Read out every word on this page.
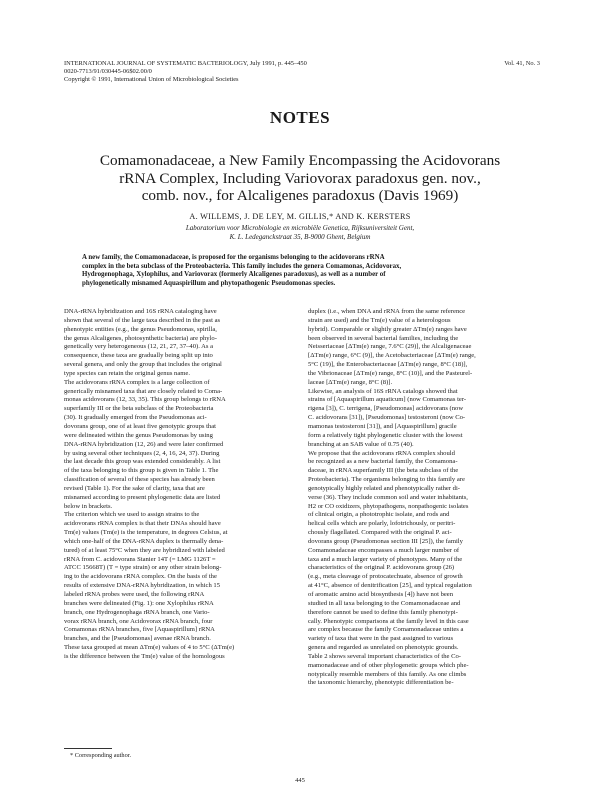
INTERNATIONAL JOURNAL OF SYSTEMATIC BACTERIOLOGY, July 1991, p. 445–450
0020-7713/91/030445-06$02.00/0
Copyright © 1991, International Union of Microbiological Societies
Vol. 41, No. 3
NOTES
Comamonadaceae, a New Family Encompassing the Acidovorans
rRNA Complex, Including Variovorax paradoxus gen. nov.,
comb. nov., for Alcaligenes paradoxus (Davis 1969)
A. WILLEMS, J. DE LEY, M. GILLIS,* AND K. KERSTERS
Laboratorium voor Microbiologie en microbiële Genetica, Rijksuniversiteit Gent,
K. L. Ledeganckstraat 35, B-9000 Ghent, Belgium
A new family, the Comamonadaceae, is proposed for the organisms belonging to the acidovorans rRNA
complex in the beta subclass of the Proteobacteria. This family includes the genera Comamonas, Acidovorax,
Hydrogenophaga, Xylophilus, and Variovorax (formerly Alcaligenes paradoxus), as well as a number of
phylogenetically misnamed Aquaspirillum and phytopathogenic Pseudomonas species.
DNA-rRNA hybridization and 16S rRNA cataloging have
shown that several of the large taxa described in the past as
phenotypic entities (e.g., the genus Pseudomonas, spirilla,
the genus Alcaligenes, photosynthetic bacteria) are phylo-
genetically very heterogeneous (12, 21, 27, 37–40). As a
consequence, these taxa are gradually being split up into
several genera, and only the group that includes the original
type species can retain the original genus name.
The acidovorans rRNA complex is a large collection of
generically misnamed taxa that are closely related to Coma-
monas acidovorans (12, 33, 35). This group belongs to rRNA
superfamily III or the beta subclass of the Proteobacteria
(30). It gradually emerged from the Pseudomonas aci-
dovorans group, one of at least five genotypic groups that
were delineated within the genus Pseudomonas by using
DNA-rRNA hybridization (12, 26) and were later confirmed
by using several other techniques (2, 4, 16, 24, 37). During
the last decade this group was extended considerably. A list
of the taxa belonging to this group is given in Table 1. The
classification of several of these species has already been
revised (Table 1). For the sake of clarity, taxa that are
misnamed according to present phylogenetic data are listed
below in brackets.
The criterion which we used to assign strains to the
acidovorans rRNA complex is that their DNAs should have
Tm(e) values (Tm(e) is the temperature, in degrees Celsius, at
which one-half of the DNA-rRNA duplex is thermally dena-
tured) of at least 75°C when they are hybridized with labeled
rRNA from C. acidovorans Stanier 14T (= LMG 1126T =
ATCC 15668T) (T = type strain) or any other strain belong-
ing to the acidovorans rRNA complex. On the basis of the
results of extensive DNA-rRNA hybridization, in which 15
labeled rRNA probes were used, the following rRNA
branches were delineated (Fig. 1): one Xylophilus rRNA
branch, one Hydrogenophaga rRNA branch, one Vario-
vorax rRNA branch, one Acidovorax rRNA branch, four
Comamonas rRNA branches, five [Aquaspirillum] rRNA
branches, and the [Pseudomonas] avenae rRNA branch.
These taxa grouped at mean ΔTm(e) values of 4 to 5°C (ΔTm(e)
is the difference between the Tm(e) value of the homologous
duplex (i.e., when DNA and rRNA from the same reference
strain are used) and the Tm(e) value of a heterologous
hybrid). Comparable or slightly greater ΔTm(e) ranges have
been observed in several bacterial families, including the
Neisseriaceae [ΔTm(e) range, 7.6°C (29)], the Alcaligenaceae
[ΔTm(e) range, 6°C (9)], the Acetobacteriaceae [ΔTm(e) range,
5°C (19)], the Enterobacteriaceae [ΔTm(e) range, 8°C (18)],
the Vibrionaceae [ΔTm(e) range, 8°C (10)], and the Pasteurel-
laceae [ΔTm(e) range, 8°C (8)].
Likewise, an analysis of 16S rRNA catalogs showed that
strains of [Aquaspirillum aquaticum] (now Comamonas ter-
rigena [3]), C. terrigena, [Pseudomonas] acidovorans (now
C. acidovorans [31]), [Pseudomonas] testosteroni (now Co-
mamonas testosteroni [31]), and [Aquaspirillum] gracile
form a relatively tight phylogenetic cluster with the lowest
branching at an SAB value of 0.75 (40).
We propose that the acidovorans rRNA complex should
be recognized as a new bacterial family, the Comamona-
daceae, in rRNA superfamily III (the beta subclass of the
Proteobacteria). The organisms belonging to this family are
genotypically highly related and phenotypically rather di-
verse (36). They include common soil and water inhabitants,
H2 or CO oxidizers, phytopathogens, nonpathogenic isolates
of clinical origin, a phototrophic isolate, and rods and
helical cells which are polarly, lofotrichously, or peritri-
chously flagellated. Compared with the original P. aci-
dovorans group (Pseudomonas section III [25]), the family
Comamonadaceae encompasses a much larger number of
taxa and a much larger variety of phenotypes. Many of the
characteristics of the original P. acidovorans group (26)
(e.g., meta cleavage of protocatechuate, absence of growth
at 41°C, absence of denitrification [25], and typical regulation
of aromatic amino acid biosynthesis [4]) have not been
studied in all taxa belonging to the Comamonadaceae and
therefore cannot be used to define this family phenotypi-
cally. Phenotypic comparisons at the family level in this case
are complex because the family Comamonadaceae unites a
variety of taxa that were in the past assigned to various
genera and regarded as unrelated on phenotypic grounds.
Table 2 shows several important characteristics of the Co-
mamonadaceae and of other phylogenetic groups which phe-
notypically resemble members of this family. As one climbs
the taxonomic hierarchy, phenotypic differentiation be-
* Corresponding author.
445
